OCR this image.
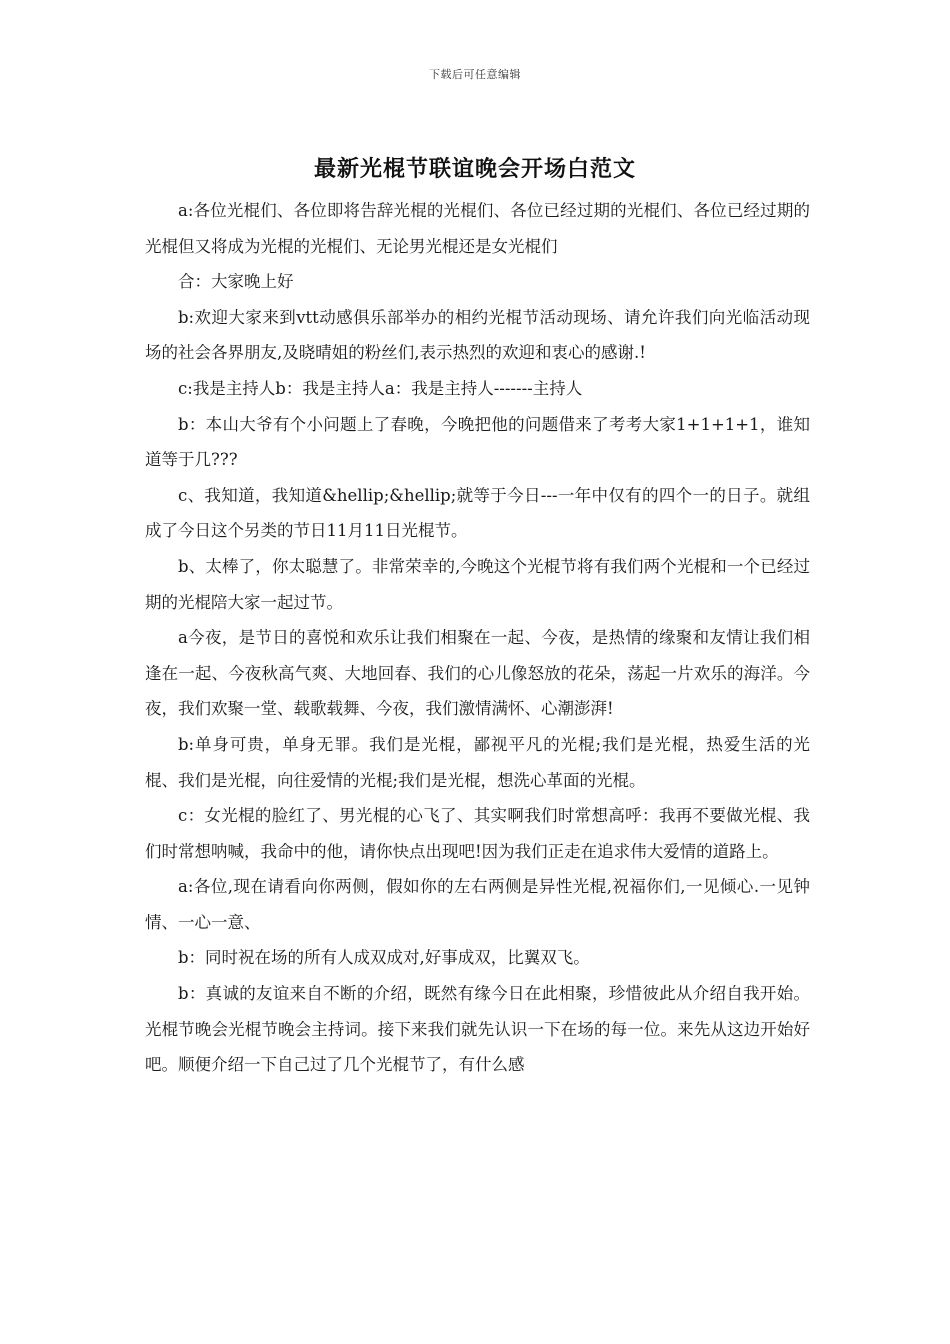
下载后可任意编辑
最新光棍节联谊晚会开场白范文

a:各位光棍们、各位即将告辞光棍的光棍们、各位已经过期的光棍们、各位已经过期的光棍但又将成为光棍的光棍们、无论男光棍还是女光棍们

合：大家晚上好

b:欢迎大家来到vtt动感俱乐部举办的相约光棍节活动现场、请允许我们向光临活动现场的社会各界朋友,及晓晴姐的粉丝们,表示热烈的欢迎和衷心的感谢.!

c:我是主持人b：我是主持人a：我是主持人-------主持人

b：本山大爷有个小问题上了春晚，今晚把他的问题借来了考考大家1+1+1+1，谁知道等于几???

c、我知道，我知道&hellip;&hellip;就等于今日---一年中仅有的四个一的日子。就组成了今日这个另类的节日11月11日光棍节。

b、太棒了，你太聪慧了。非常荣幸的,今晚这个光棍节将有我们两个光棍和一个已经过期的光棍陪大家一起过节。

a今夜，是节日的喜悦和欢乐让我们相聚在一起、今夜，是热情的缘聚和友情让我们相逢在一起、今夜秋高气爽、大地回春、我们的心儿像怒放的花朵，荡起一片欢乐的海洋。今夜，我们欢聚一堂、载歌载舞、今夜，我们激情满怀、心潮澎湃!

b:单身可贵，单身无罪。我们是光棍，鄙视平凡的光棍;我们是光棍，热爱生活的光棍、我们是光棍，向往爱情的光棍;我们是光棍，想洗心革面的光棍。

c：女光棍的脸红了、男光棍的心飞了、其实啊我们时常想高呼：我再不要做光棍、我们时常想呐喊，我命中的他，请你快点出现吧!因为我们正走在追求伟大爱情的道路上。

a:各位,现在请看向你两侧，假如你的左右两侧是异性光棍,祝福你们,一见倾心.一见钟情、一心一意、

b：同时祝在场的所有人成双成对,好事成双，比翼双飞。

b：真诚的友谊来自不断的介绍，既然有缘今日在此相聚，珍惜彼此从介绍自我开始。光棍节晚会光棍节晚会主持词。接下来我们就先认识一下在场的每一位。来先从这边开始好吧。顺便介绍一下自己过了几个光棍节了，有什么感
